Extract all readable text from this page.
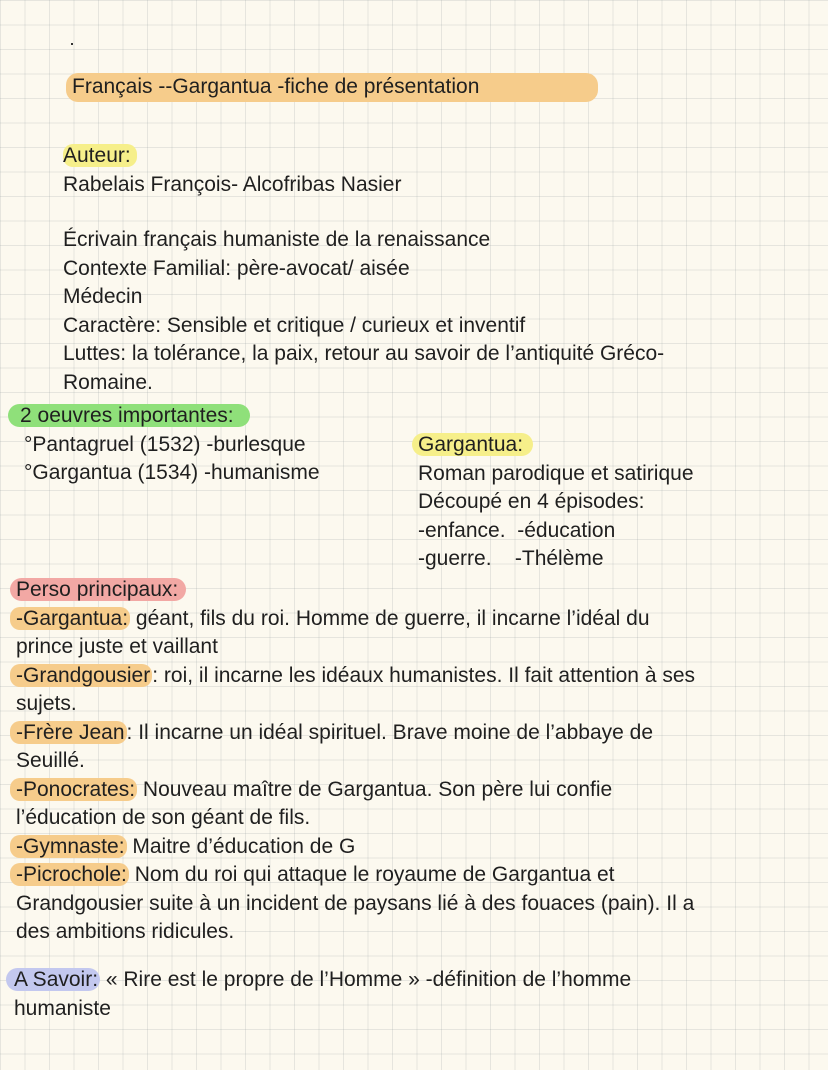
Français --Gargantua -fiche de présentation
Auteur:
Rabelais François- Alcofribas Nasier
Écrivain français humaniste de la renaissance
Contexte Familial: père-avocat/ aisée
Médecin
Caractère: Sensible et critique / curieux et inventif
Luttes: la tolérance, la paix, retour au savoir de l’antiquité Gréco-
Romaine.
2 oeuvres importantes:
°Pantagruel (1532) -burlesque
°Gargantua (1534) -humanisme
Gargantua:
Roman parodique et satirique
Découpé en 4 épisodes:
-enfance.  -éducation
-guerre.    -Thélème
Perso principaux:
-Gargantua: géant, fils du roi. Homme de guerre, il incarne l’idéal du
prince juste et vaillant
-Grandgousier: roi, il incarne les idéaux humanistes. Il fait attention à ses
sujets.
-Frère Jean: Il incarne un idéal spirituel. Brave moine de l’abbaye de
Seuillé.
-Ponocrates: Nouveau maître de Gargantua. Son père lui confie
l’éducation de son géant de fils.
-Gymnaste: Maitre d’éducation de G
-Picrochole: Nom du roi qui attaque le royaume de Gargantua et
Grandgousier suite à un incident de paysans lié à des fouaces (pain). Il a
des ambitions ridicules.
A Savoir: « Rire est le propre de l’Homme » -définition de l’homme
humaniste
